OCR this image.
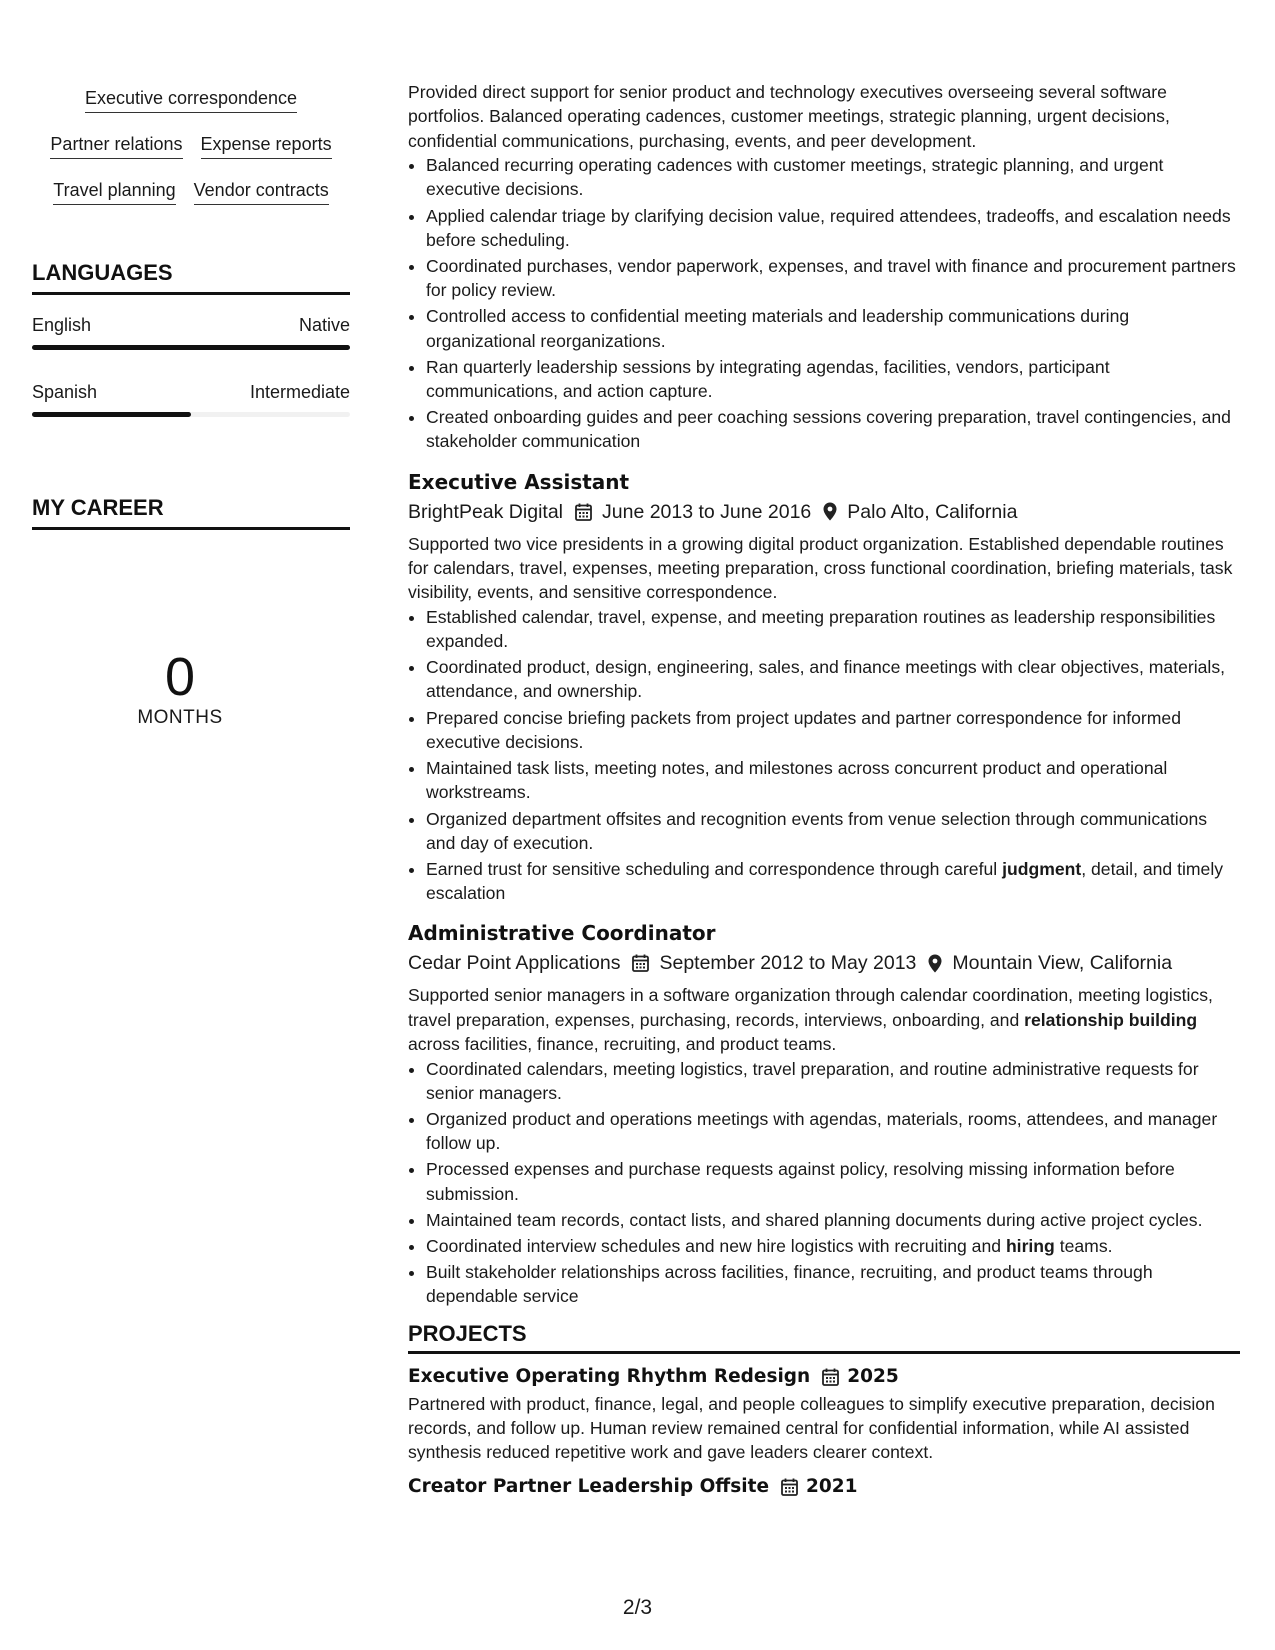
Executive correspondence
Partner relations Expense reports
Travel planning Vendor contracts
LANGUAGES
English	Native
Spanish	Intermediate
MY CAREER
0
MONTHS

Provided direct support for senior product and technology executives overseeing several software portfolios. Balanced operating cadences, customer meetings, strategic planning, urgent decisions, confidential communications, purchasing, events, and peer development.

• Balanced recurring operating cadences with customer meetings, strategic planning, and urgent executive decisions.
• Applied calendar triage by clarifying decision value, required attendees, tradeoffs, and escalation needs before scheduling.
• Coordinated purchases, vendor paperwork, expenses, and travel with finance and procurement partners for policy review.
• Controlled access to confidential meeting materials and leadership communications during organizational reorganizations.
• Ran quarterly leadership sessions by integrating agendas, facilities, vendors, participant communications, and action capture.
• Created onboarding guides and peer coaching sessions covering preparation, travel contingencies, and stakeholder communication
Executive Assistant
BrightPeak Digital June 2013 to June 2016 Palo Alto, California

Supported two vice presidents in a growing digital product organization. Established dependable routines for calendars, travel, expenses, meeting preparation, cross functional coordination, briefing materials, task visibility, events, and sensitive correspondence.

• Established calendar, travel, expense, and meeting preparation routines as leadership responsibilities expanded.
• Coordinated product, design, engineering, sales, and finance meetings with clear objectives, materials, attendance, and ownership.
• Prepared concise briefing packets from project updates and partner correspondence for informed executive decisions.
• Maintained task lists, meeting notes, and milestones across concurrent product and operational workstreams.
• Organized department offsites and recognition events from venue selection through communications and day of execution.
• Earned trust for sensitive scheduling and correspondence through careful judgment, detail, and timely escalation
Administrative Coordinator
Cedar Point Applications September 2012 to May 2013 Mountain View, California

Supported senior managers in a software organization through calendar coordination, meeting logistics, travel preparation, expenses, purchasing, records, interviews, onboarding, and relationship building across facilities, finance, recruiting, and product teams.

• Coordinated calendars, meeting logistics, travel preparation, and routine administrative requests for senior managers.
• Organized product and operations meetings with agendas, materials, rooms, attendees, and manager follow up.
• Processed expenses and purchase requests against policy, resolving missing information before submission.
• Maintained team records, contact lists, and shared planning documents during active project cycles.
• Coordinated interview schedules and new hire logistics with recruiting and hiring teams.
• Built stakeholder relationships across facilities, finance, recruiting, and product teams through dependable service
PROJECTS
Executive Operating Rhythm Redesign 2025

Partnered with product, finance, legal, and people colleagues to simplify executive preparation, decision records, and follow up. Human review remained central for confidential information, while AI assisted synthesis reduced repetitive work and gave leaders clearer context.

Creator Partner Leadership Offsite 2021
2/3
